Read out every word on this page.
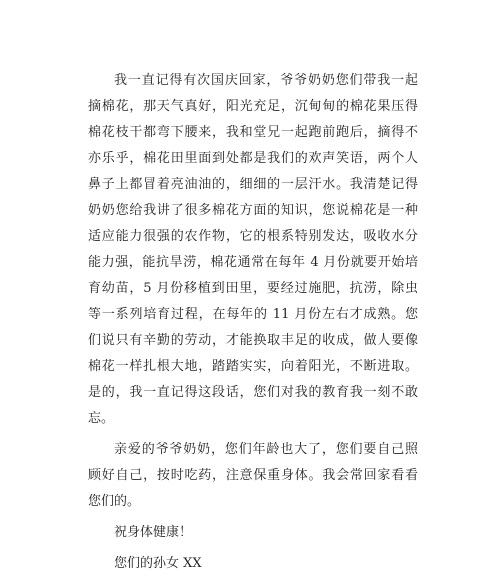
我一直记得有次国庆回家，爷爷奶奶您们带我一起
摘棉花，那天气真好，阳光充足，沉甸甸的棉花果压得
棉花枝干都弯下腰来，我和堂兄一起跑前跑后，摘得不
亦乐乎，棉花田里面到处都是我们的欢声笑语，两个人
鼻子上都冒着亮油油的，细细的一层汗水。我清楚记得
奶奶您给我讲了很多棉花方面的知识，您说棉花是一种
适应能力很强的农作物，它的根系特别发达，吸收水分
能力强，能抗旱涝，棉花通常在每年 4 月份就要开始培
育幼苗，5 月份移植到田里，要经过施肥，抗涝，除虫
等一系列培育过程，在每年的 11 月份左右才成熟。您
们说只有辛勤的劳动，才能换取丰足的收成，做人要像
棉花一样扎根大地，踏踏实实，向着阳光，不断进取。
是的，我一直记得这段话，您们对我的教育我一刻不敢
忘。
亲爱的爷爷奶奶，您们年龄也大了，您们要自己照
顾好自己，按时吃药，注意保重身体。我会常回家看看
您们的。
祝身体健康！
您们的孙女 XX
